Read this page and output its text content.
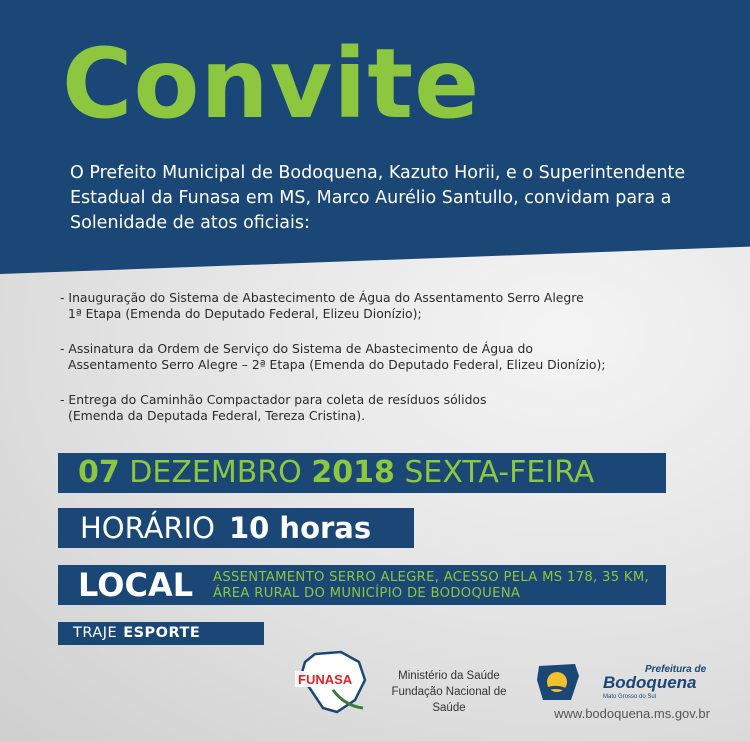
Convite
O Prefeito Municipal de Bodoquena, Kazuto Horii, e o Superintendente Estadual da Funasa em MS, Marco Aurélio Santullo, convidam para a Solenidade de atos oficiais:
- Inauguração do Sistema de Abastecimento de Água do Assentamento Serro Alegre
1ª Etapa (Emenda do Deputado Federal, Elizeu Dionízio);
- Assinatura da Ordem de Serviço do Sistema de Abastecimento de Água do
Assentamento Serro Alegre – 2ª Etapa (Emenda do Deputado Federal, Elizeu Dionízio);
- Entrega do Caminhão Compactador para coleta de resíduos sólidos
(Emenda da Deputada Federal, Tereza Cristina).
07 DEZEMBRO 2018 SEXTA-FEIRA
HORÁRIO 10 horas
LOCAL ASSENTAMENTO SERRO ALEGRE, ACESSO PELA MS 178, 35 KM,
ÁREA RURAL DO MUNICÍPIO DE BODOQUENA
TRAJE ESPORTE
FUNASA	Ministério da Saúde
Fundação Nacional de Saúde
Prefeitura de
Bodoquena
Mato Grosso do Sul
www.bodoquena.ms.gov.br
